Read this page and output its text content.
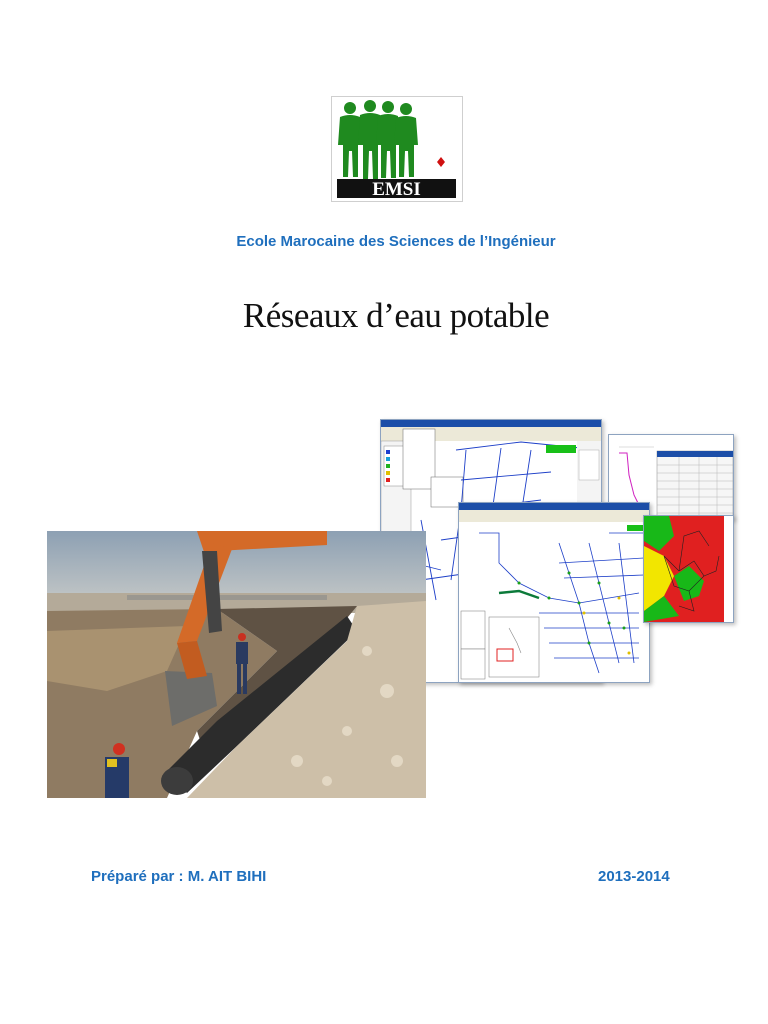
EMSI
Ecole Marocaine des Sciences de l’Ingénieur
Réseaux d’eau potable
Préparé par : M. AIT BIHI	2013-2014
